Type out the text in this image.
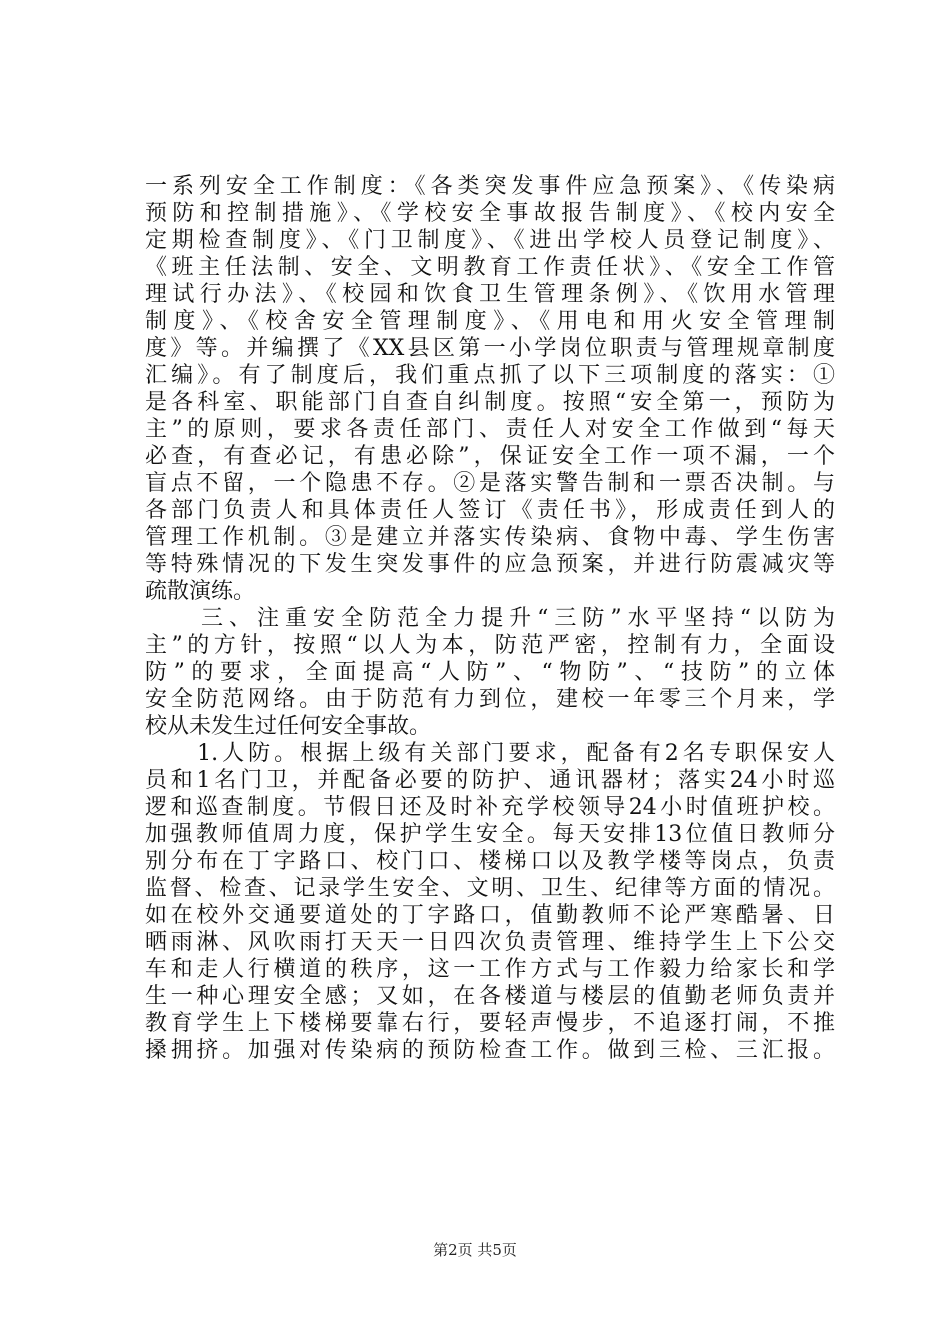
一系列安全工作制度：《各类突发事件应急预案》、《传染病
预防和控制措施》、《学校安全事故报告制度》、《校内安全
定期检查制度》、《门卫制度》、《进出学校人员登记制度》、
《班主任法制、安全、文明教育工作责任状》、《安全工作管
理试行办法》、《校园和饮食卫生管理条例》、《饮用水管理
制度》、《校舍安全管理制度》、《用电和用火安全管理制
度》等。并编撰了《XX县区第一小学岗位职责与管理规章制度
汇编》。有了制度后，我们重点抓了以下三项制度的落实：①
是各科室、职能部门自查自纠制度。按照“安全第一，预防为
主”的原则，要求各责任部门、责任人对安全工作做到“每天
必查，有查必记，有患必除”，保证安全工作一项不漏，一个
盲点不留，一个隐患不存。②是落实警告制和一票否决制。与
各部门负责人和具体责任人签订《责任书》，形成责任到人的
管理工作机制。③是建立并落实传染病、食物中毒、学生伤害
等特殊情况的下发生突发事件的应急预案，并进行防震减灾等
疏散演练。
　　三、注重安全防范全力提升“三防”水平坚持“以防为
主”的方针，按照“以人为本，防范严密，控制有力，全面设
防”的要求，全面提高“人防”、“物防”、“技防”的立体
安全防范网络。由于防范有力到位，建校一年零三个月来，学
校从未发生过任何安全事故。
　　1.人防。根据上级有关部门要求，配备有2名专职保安人
员和1名门卫，并配备必要的防护、通讯器材；落实24小时巡
逻和巡查制度。节假日还及时补充学校领导24小时值班护校。
加强教师值周力度，保护学生安全。每天安排13位值日教师分
别分布在丁字路口、校门口、楼梯口以及教学楼等岗点，负责
监督、检查、记录学生安全、文明、卫生、纪律等方面的情况。
如在校外交通要道处的丁字路口，值勤教师不论严寒酷暑、日
晒雨淋、风吹雨打天天一日四次负责管理、维持学生上下公交
车和走人行横道的秩序，这一工作方式与工作毅力给家长和学
生一种心理安全感；又如，在各楼道与楼层的值勤老师负责并
教育学生上下楼梯要靠右行，要轻声慢步，不追逐打闹，不推
搡拥挤。加强对传染病的预防检查工作。做到三检、三汇报。
第2页 共5页
